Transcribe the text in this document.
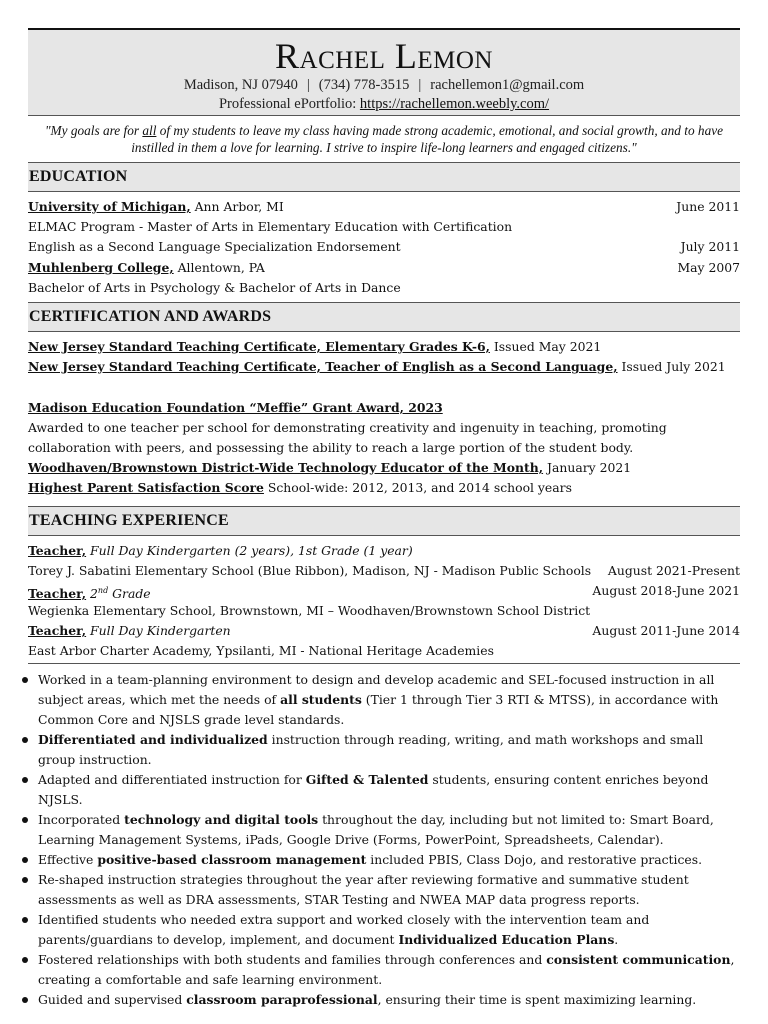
Rachel Lemon
Madison, NJ 07940 | (734) 778-3515 | rachellemon1@gmail.com
Professional ePortfolio: https://rachellemon.weebly.com/
"My goals are for all of my students to leave my class having made strong academic, emotional, and social growth, and to have instilled in them a love for learning. I strive to inspire life-long learners and engaged citizens."
EDUCATION
University of Michigan, Ann Arbor, MI	June 2011
ELMAC Program - Master of Arts in Elementary Education with Certification
English as a Second Language Specialization Endorsement	July 2011
Muhlenberg College, Allentown, PA	May 2007
Bachelor of Arts in Psychology & Bachelor of Arts in Dance
CERTIFICATION AND AWARDS
New Jersey Standard Teaching Certificate, Elementary Grades K-6, Issued May 2021
New Jersey Standard Teaching Certificate, Teacher of English as a Second Language, Issued July 2021
Madison Education Foundation “Meffie” Grant Award, 2023
Awarded to one teacher per school for demonstrating creativity and ingenuity in teaching, promoting collaboration with peers, and possessing the ability to reach a large portion of the student body.
Woodhaven/Brownstown District-Wide Technology Educator of the Month, January 2021
Highest Parent Satisfaction Score School-wide: 2012, 2013, and 2014 school years
TEACHING EXPERIENCE
Teacher, Full Day Kindergarten (2 years), 1st Grade (1 year)
Torey J. Sabatini Elementary School (Blue Ribbon), Madison, NJ - Madison Public Schools August 2021-Present
Teacher, 2nd Grade	August 2018-June 2021
Wegienka Elementary School, Brownstown, MI – Woodhaven/Brownstown School District
Teacher, Full Day Kindergarten	August 2011-June 2014
East Arbor Charter Academy, Ypsilanti, MI - National Heritage Academies
Worked in a team-planning environment to design and develop academic and SEL-focused instruction in all subject areas, which met the needs of all students (Tier 1 through Tier 3 RTI & MTSS), in accordance with Common Core and NJSLS grade level standards.
Differentiated and individualized instruction through reading, writing, and math workshops and small group instruction.
Adapted and differentiated instruction for Gifted & Talented students, ensuring content enriches beyond NJSLS.
Incorporated technology and digital tools throughout the day, including but not limited to: Smart Board, Learning Management Systems, iPads, Google Drive (Forms, PowerPoint, Spreadsheets, Calendar).
Effective positive-based classroom management included PBIS, Class Dojo, and restorative practices.
Re-shaped instruction strategies throughout the year after reviewing formative and summative student assessments as well as DRA assessments, STAR Testing and NWEA MAP data progress reports.
Identified students who needed extra support and worked closely with the intervention team and parents/guardians to develop, implement, and document Individualized Education Plans.
Fostered relationships with both students and families through conferences and consistent communication, creating a comfortable and safe learning environment.
Guided and supervised classroom paraprofessional, ensuring their time is spent maximizing learning.
